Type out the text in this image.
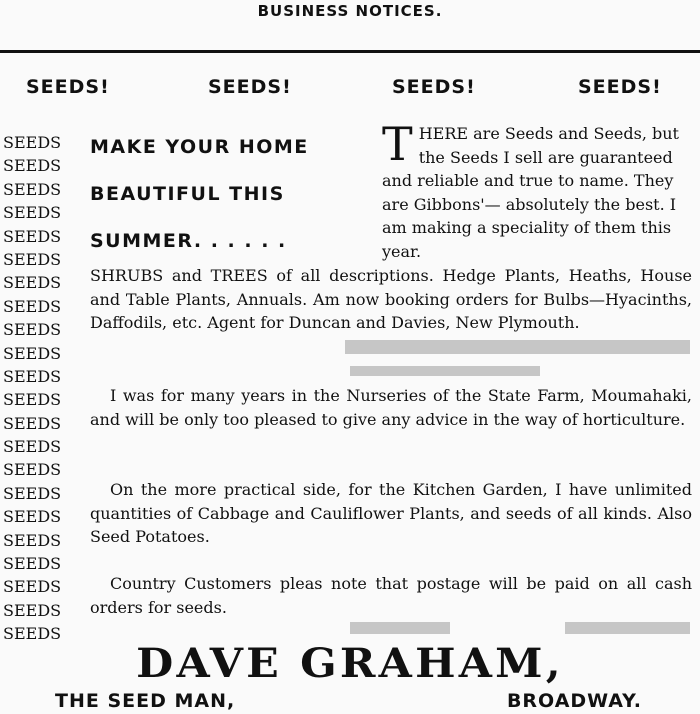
BUSINESS NOTICES.
SEEDS!	SEEDS!	SEEDS!	SEEDS!
SEEDS
SEEDS
SEEDS
SEEDS
SEEDS
SEEDS
SEEDS
SEEDS
SEEDS
SEEDS
SEEDS
SEEDS
SEEDS
SEEDS
SEEDS
SEEDS
SEEDS
SEEDS
SEEDS
SEEDS
SEEDS
SEEDS
MAKE YOUR HOME
BEAUTIFUL THIS
SUMMER. . . . . .
T HERE are Seeds and Seeds, but the Seeds I sell are guaranteed and reliable and true to name. They are Gibbons'— absolutely the best. I am making a speciality of them this year.
SHRUBS and TREES of all descriptions. Hedge Plants, Heaths, House and Table Plants, Annuals. Am now booking orders for Bulbs—Hyacinths, Daffodils, etc. Agent for Duncan and Davies, New Plymouth.
I was for many years in the Nurseries of the State Farm, Moumahaki, and will be only too pleased to give any advice in the way of horticulture.
On the more practical side, for the Kitchen Garden, I have unlimited quantities of Cabbage and Cauliflower Plants, and seeds of all kinds. Also Seed Potatoes.
Country Customers pleas note that postage will be paid on all cash orders for seeds.
DAVE GRAHAM,
THE SEED MAN,	BROADWAY.
